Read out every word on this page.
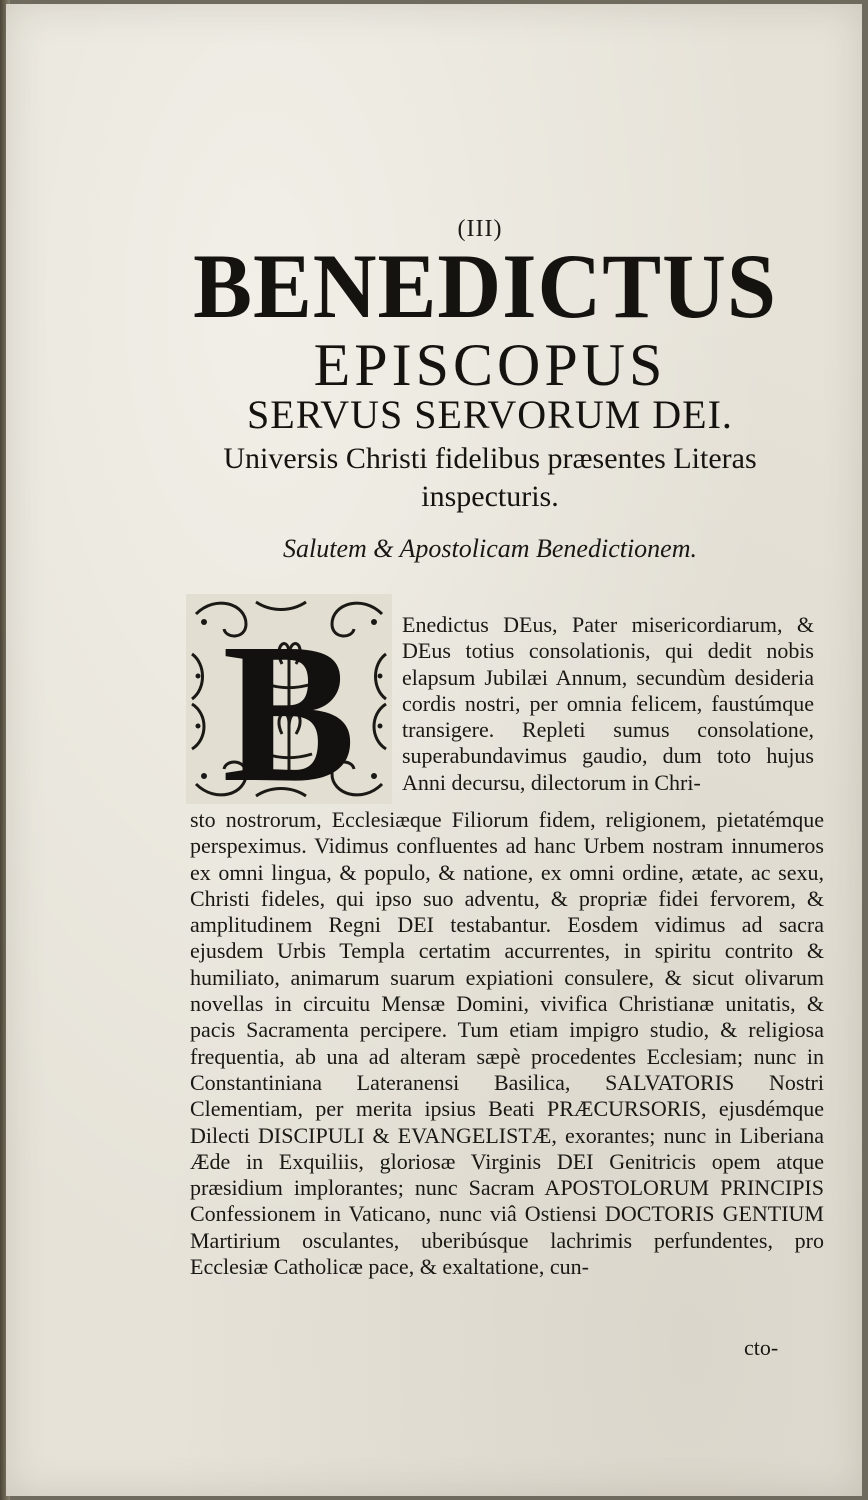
(III)
BENEDICTUS
EPISCOPUS
SERVUS SERVORUM DEI.
Universis Christi fidelibus præsentes Literas
inspecturis.
Salutem & Apostolicam Benedictionem.
B Enedictus DEus, Pater misericordiarum, & DEus totius consolationis, qui dedit nobis elapsum Jubilæi Annum, secundùm desideria cordis nostri, per omnia felicem, faustúmque transigere. Repleti sumus consolatione, superabundavimus gaudio, dum toto hujus Anni decursu, dilectorum in Chri-

sto nostrorum, Ecclesiæque Filiorum fidem, religionem, pietatémque perspeximus. Vidimus confluentes ad hanc Urbem nostram innumeros ex omni lingua, & populo, & natione, ex omni ordine, ætate, ac sexu, Christi fideles, qui ipso suo adventu, & propriæ fidei fervorem, & amplitudinem Regni DEI testabantur. Eosdem vidimus ad sacra ejusdem Urbis Templa certatim accurrentes, in spiritu contrito & humiliato, animarum suarum expiationi consulere, & sicut olivarum novellas in circuitu Mensæ Domini, vivifica Christianæ unitatis, & pacis Sacramenta percipere. Tum etiam impigro studio, & religiosa frequentia, ab una ad alteram sæpè procedentes Ecclesiam; nunc in Constantiniana Lateranensi Basilica, SALVATORIS Nostri Clementiam, per merita ipsius Beati PRÆCURSORIS, ejusdémque Dilecti DISCIPULI & EVANGELISTÆ, exorantes; nunc in Liberiana Æde in Exquiliis, gloriosæ Virginis DEI Genitricis opem atque præsidium implorantes; nunc Sacram APOSTOLORUM PRINCIPIS Confessionem in Vaticano, nunc viâ Ostiensi DOCTORIS GENTIUM Martirium osculantes, uberibúsque lachrimis perfundentes, pro Ecclesiæ Catholicæ pace, & exaltatione, cun-

cto-
